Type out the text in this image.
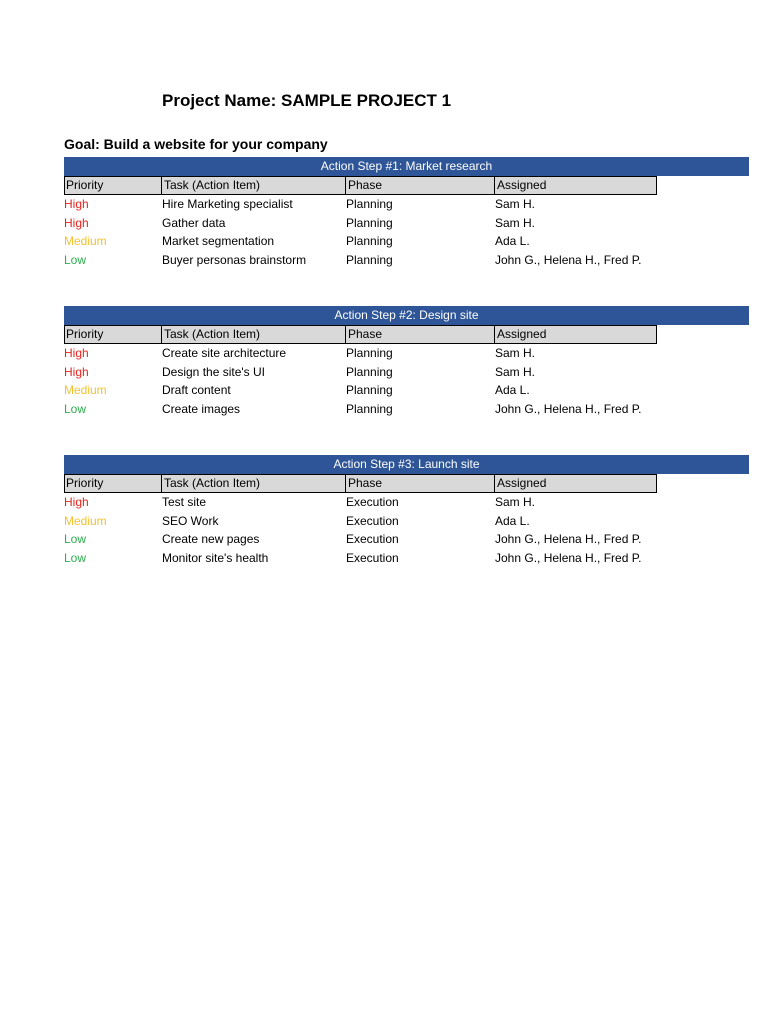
Project Name: SAMPLE PROJECT 1
Goal: Build a website for your company
Action Step #1: Market research
Priority	Task (Action Item)	Phase	Assigned
High	Hire Marketing specialist	Planning	Sam H.
High	Gather data	Planning	Sam H.
Medium	Market segmentation	Planning	Ada L.
Low	Buyer personas brainstorm	Planning	John G., Helena H., Fred P.
Action Step #2: Design site
Priority	Task (Action Item)	Phase	Assigned
High	Create site architecture	Planning	Sam H.
High	Design the site's UI	Planning	Sam H.
Medium	Draft content	Planning	Ada L.
Low	Create images	Planning	John G., Helena H., Fred P.
Action Step #3: Launch site
Priority	Task (Action Item)	Phase	Assigned
High	Test site	Execution	Sam H.
Medium	SEO Work	Execution	Ada L.
Low	Create new pages	Execution	John G., Helena H., Fred P.
Low	Monitor site's health	Execution	John G., Helena H., Fred P.
